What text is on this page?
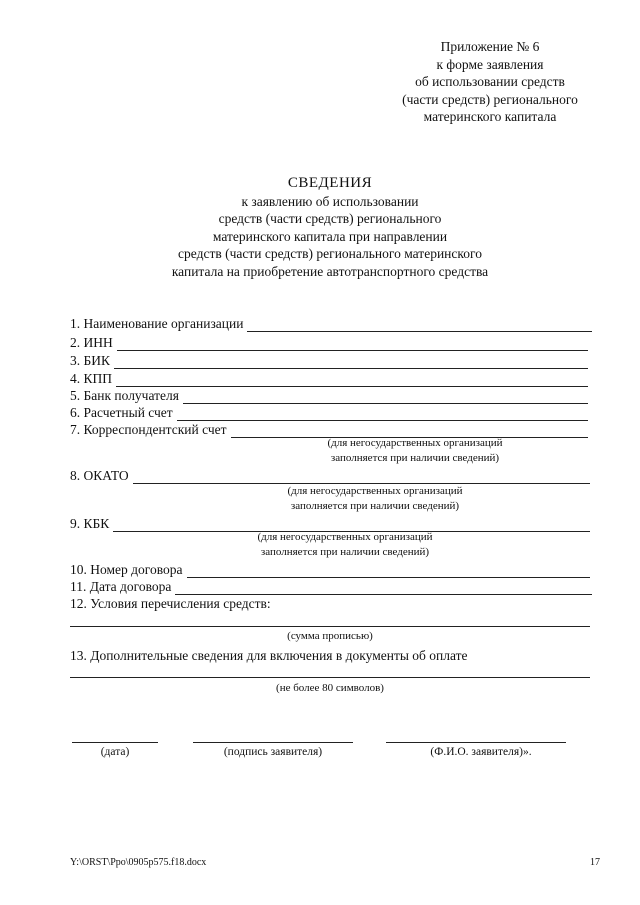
Приложение № 6
к форме заявления
об использовании средств
(части средств) регионального
материнского капитала
СВЕДЕНИЯ
к заявлению об использовании
средств (части средств) регионального
материнского капитала при направлении
средств (части средств) регионального материнского
капитала на приобретение автотранспортного средства
1. Наименование организации
2. ИНН
3. БИК
4. КПП
5. Банк получателя
6. Расчетный счет
7. Корреспондентский счет
(для негосударственных организаций
заполняется при наличии сведений)
8. ОКАТО
(для негосударственных организаций
заполняется при наличии сведений)
9. КБК
(для негосударственных организаций
заполняется при наличии сведений)
10. Номер договора
11. Дата договора
12. Условия перечисления средств:
(сумма прописью)
13. Дополнительные сведения для включения в документы об оплате
(не более 80 символов)
(дата)	(подпись заявителя)	(Ф.И.О. заявителя)».
Y:\ORST\Ppo\0905p575.f18.docx	17
